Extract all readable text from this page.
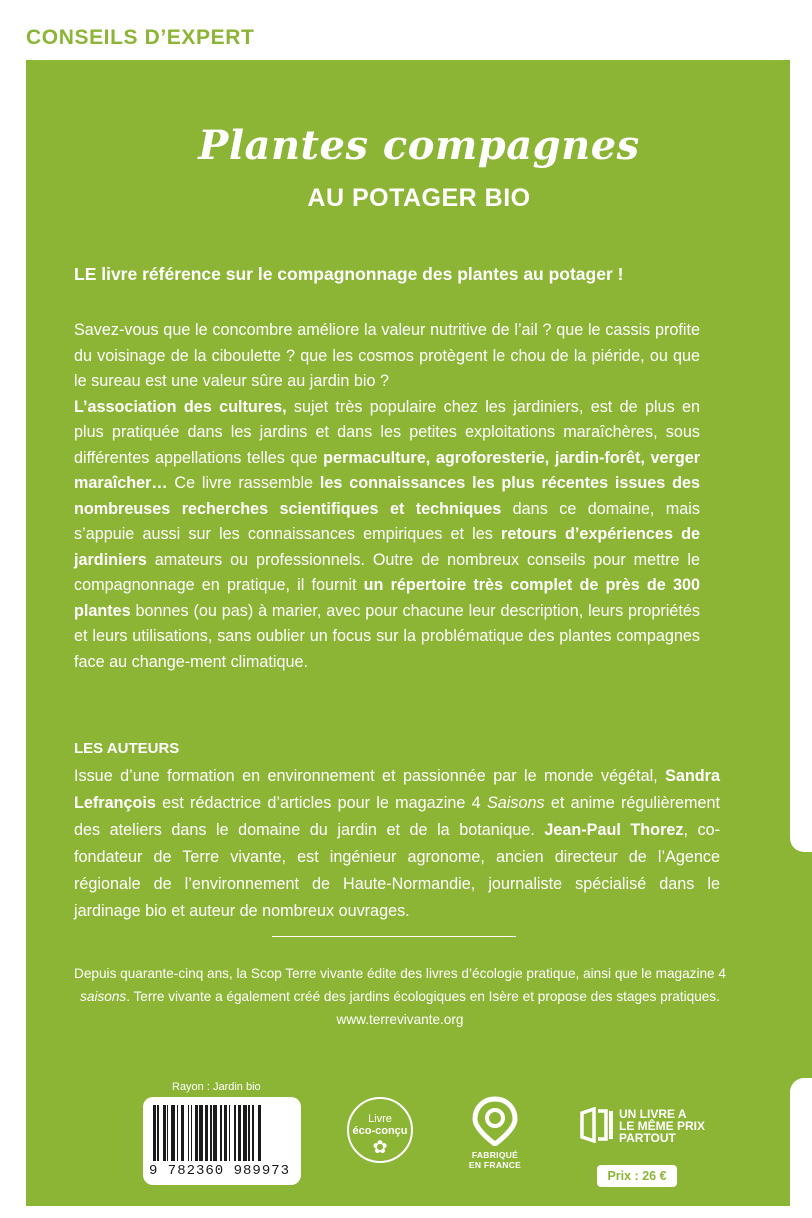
CONSEILS D’EXPERT
Plantes compagnes
AU POTAGER BIO
LE livre référence sur le compagnonnage des plantes au potager !

Savez-vous que le concombre améliore la valeur nutritive de l’ail ? que le cassis profite du voisinage de la ciboulette ? que les cosmos protègent le chou de la piéride, ou que le sureau est une valeur sûre au jardin bio ?
L’association des cultures, sujet très populaire chez les jardiniers, est de plus en plus pratiquée dans les jardins et dans les petites exploitations maraîchères, sous différentes appellations telles que permaculture, agroforesterie, jardin-forêt, verger maraîcher… Ce livre rassemble les connaissances les plus récentes issues des nombreuses recherches scientifiques et techniques dans ce domaine, mais s’appuie aussi sur les connaissances empiriques et les retours d’expériences de jardiniers amateurs ou professionnels. Outre de nombreux conseils pour mettre le compagnonnage en pratique, il fournit un répertoire très complet de près de 300 plantes bonnes (ou pas) à marier, avec pour chacune leur description, leurs propriétés et leurs utilisations, sans oublier un focus sur la problématique des plantes compagnes face au change-ment climatique.

LES AUTEURS

Issue d’une formation en environnement et passionnée par le monde végétal, Sandra Lefrançois est rédactrice d’articles pour le magazine 4 Saisons et anime régulièrement des ateliers dans le domaine du jardin et de la botanique. Jean-Paul Thorez, co-fondateur de Terre vivante, est ingénieur agronome, ancien directeur de l’Agence régionale de l’environnement de Haute-Normandie, journaliste spécialisé dans le jardinage bio et auteur de nombreux ouvrages.

Depuis quarante-cinq ans, la Scop Terre vivante édite des livres d’écologie pratique, ainsi que le magazine 4 saisons. Terre vivante a également créé des jardins écologiques en Isère et propose des stages pratiques.
www.terrevivante.org
Rayon : Jardin bio
9 782360 989973
Livre
éco-conçu
✿	FABRIQUÉ
EN FRANCE
UN LIVRE A
LE MÊME PRIX
PARTOUT
Prix : 26 €
